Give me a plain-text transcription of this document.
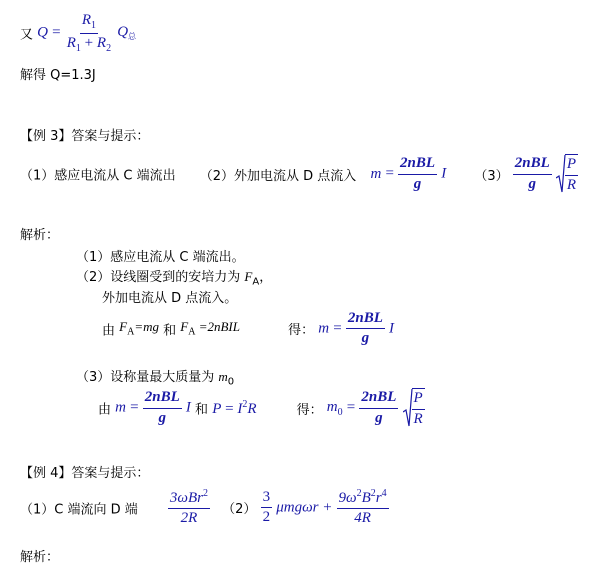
又 $Q = \frac{R_1}{R_1 + R_2} Q_总$
解得 Q=1.3J
【例 3】答案与提示：
（1）感应电流从 C 端流出 （2）外加电流从 D 点流入 $m = \frac{\text{2nBL}}{g}$ I $(3) \frac{\text{2nBL}}{g}$
$\frac{P}{R}$
解析：
（1）感应电流从 C 端流出。
（2）设线圈受到的安培力为 $F_A$，
外加电流从 D 点流入。
由 $F_A=mg$ 和 $F_A$ =2nBIL	得： $m = \frac{\text{2nBL}}{g}$ I
（3）设称量最大质量为 $m_0$
由 $m = \frac{\text{2nBL}}{g}$ I 和 $P = I^2R$	得： $m_0 = \frac{\text{2nBL}}{g}$
$\frac{P}{R}$
【例 4】答案与提示：
（1）C 端流向 D 端 $\frac{3\omega Br^2}{2R} (2) \frac{3}{2}$ $\mu mg\omega r + \frac{9\omega^2B^2r^4}{4R}$
解析：
